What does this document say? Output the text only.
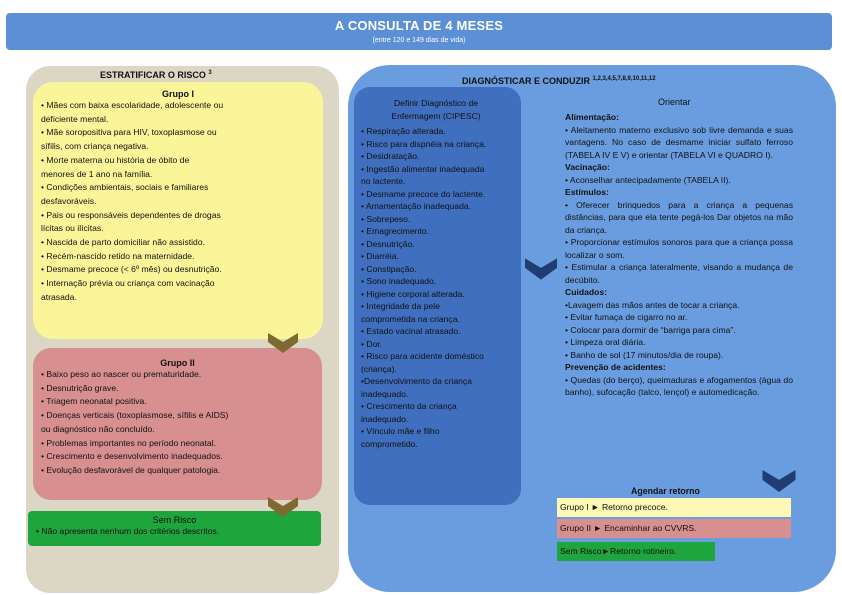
A CONSULTA DE 4 MESES
(entre 120 e 149 dias de vida)
ESTRATIFICAR O RISCO $^3$
Grupo I
• Mães com baixa escolaridade, adolescente ou
deficiente mental.
• Mãe soropositiva para HIV, toxoplasmose ou
sífilis, com criança negativa.
• Morte materna ou história de óbito de
menores de 1 ano na família.
• Condições ambientais, sociais e familiares
desfavoráveis.
• Pais ou responsáveis dependentes de drogas
lícitas ou ilícitas.
• Nascida de parto domiciliar não assistido.
• Recém-nascido retido na maternidade.
• Desmame precoce (< 6º mês) ou desnutrição.
• Internação prévia ou criança com vacinação
atrasada.
Grupo II
• Baixo peso ao nascer ou prematuridade.
• Desnutrição grave.
• Triagem neonatal positiva.
• Doenças verticais (toxoplasmose, sífilis e AIDS)
ou diagnóstico não concluído.
• Problemas importantes no período neonatal.
• Crescimento e desenvolvimento inadequados.
• Evolução desfavorável de qualquer patologia.
Sem Risco
• Não apresenta nenhum dos critérios descritos.
DIAGNÓSTICAR E CONDUZIR $^{1,2,3,4,5,7,8,9,10,11,12}$
Definir Diagnóstico de
Enfermagem (CIPESC)
• Respiração alterada.
• Risco para dispnéia na criança.
• Desidratação.
• Ingestão alimentar inadequada
no lactente.
• Desmame precoce do lactente.
• Amamentação inadequada.
• Sobrepeso.
• Emagrecimento.
• Desnutrição.
• Diarréia.
• Constipação.
• Sono inadequado.
• Higiene corporal alterada.
• Integridade da pele
comprometida na criança.
• Estado vacinal atrasado.
• Dor.
• Risco para acidente doméstico
(criança).
•Desenvolvimento da criança
inadequado.
• Crescimento da criança
inadequado.
• Vínculo mãe e filho
comprometido.
Orientar
Alimentação:
• Aleitamento materno exclusivo sob livre demanda e suas vantagens. No caso de desmame iniciar sulfato ferroso (TABELA IV E V) e orientar (TABELA VI e QUADRO I).
Vacinação:
• Aconselhar antecipadamente (TABELA II).
Estímulos:
• Oferecer brinquedos para a criança a pequenas distâncias, para que ela tente pegá-los Dar objetos na mão da criança.
• Proporcionar estímulos sonoros para que a criança possa localizar o som.
• Estimular a criança lateralmente, visando a mudança de decúbito.
Cuidados:
•Lavagem das mãos antes de tocar a criança.
• Evitar fumaça de cigarro no ar.
• Colocar para dormir de “barriga para cima”.
• Limpeza oral diária.
• Banho de sol (17 minutos/dia de roupa).
Prevenção de acidentes:
• Quedas (do berço), queimaduras e afogamentos (água do banho), sufocação (talco, lençol) e automedicação.
Agendar retorno
Grupo I ► Retorno precoce.
Grupo II ► Encaminhar ao CVVRS.
Sem Risco►Retorno rotineiro.
